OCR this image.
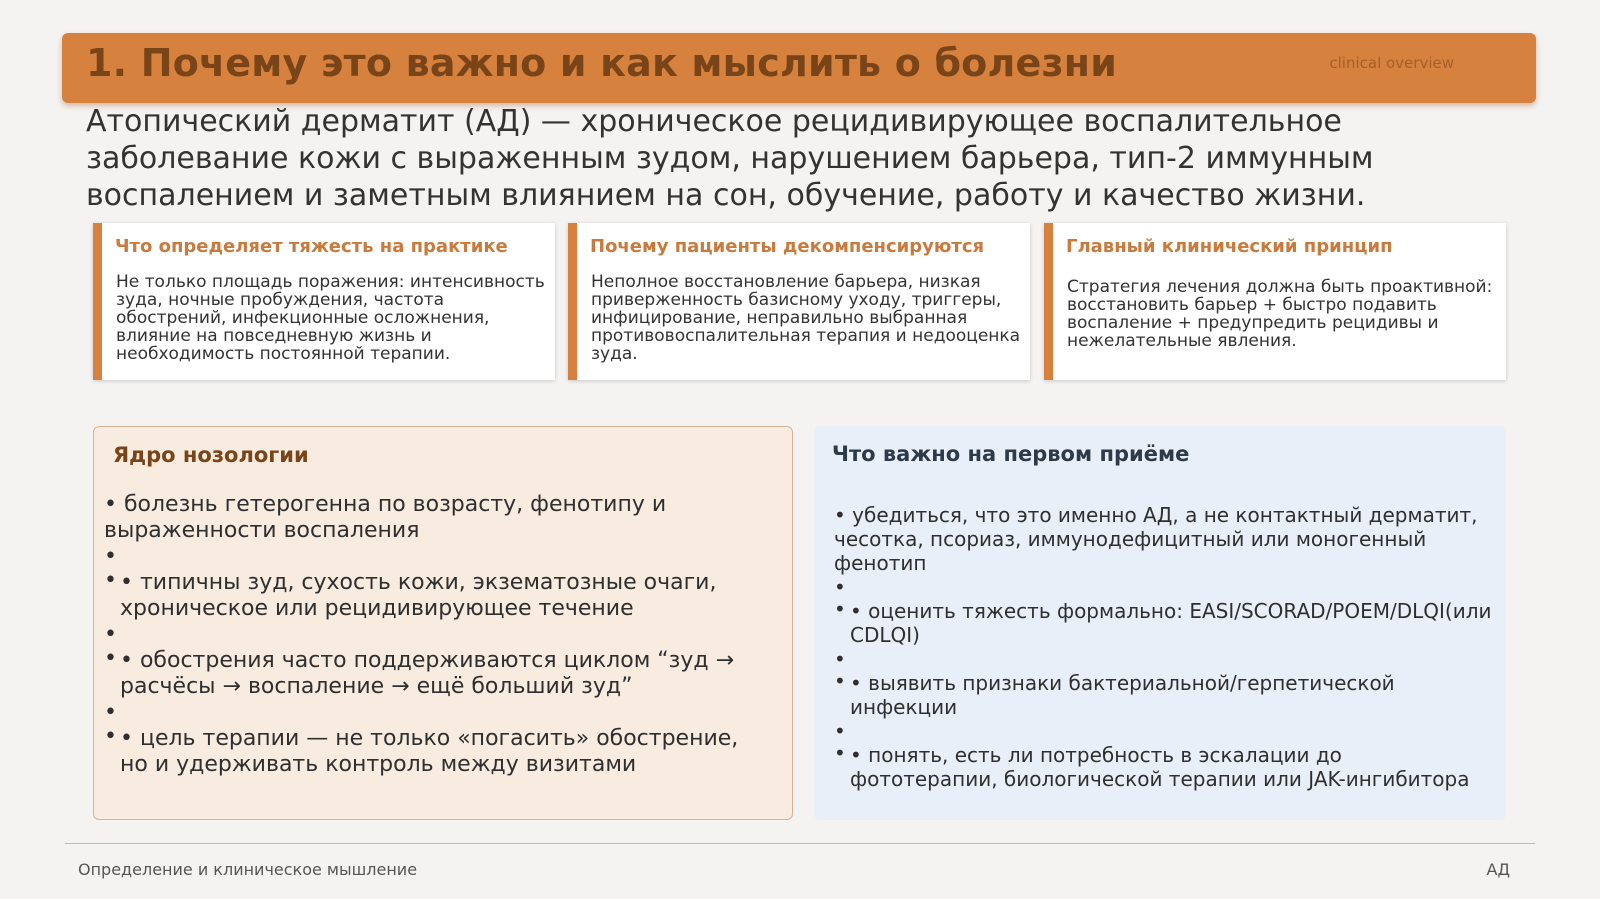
1. Почему это важно и как мыслить о болезни	clinical overview
Атопический дерматит (АД) — хроническое рецидивирующее воспалительное заболевание кожи с выраженным зудом, нарушением барьера, тип-2 иммунным воспалением и заметным влиянием на сон, обучение, работу и качество жизни.
Что определяет тяжесть на практике
Не только площадь поражения: интенсивность зуда, ночные пробуждения, частота обострений, инфекционные осложнения, влияние на повседневную жизнь и необходимость постоянной терапии.
Почему пациенты декомпенсируются
Неполное восстановление барьера, низкая приверженность базисному уходу, триггеры, инфицирование, неправильно выбранная противовоспалительная терапия и недооценка зуда.
Главный клинический принцип
Стратегия лечения должна быть проактивной: восстановить барьер + быстро подавить воспаление + предупредить рецидивы и нежелательные явления.
Ядро нозологии
• болезнь гетерогенна по возрасту, фенотипу и выраженности воспаления
•
• • типичны зуд, сухость кожи, экзематозные очаги, хроническое или рецидивирующее течение
•
• • обострения часто поддерживаются циклом “зуд → расчёсы → воспаление → ещё больший зуд”
•
• • цель терапии — не только «погасить» обострение, но и удерживать контроль между визитами
Что важно на первом приёме
• убедиться, что это именно АД, а не контактный дерматит, чесотка, псориаз, иммунодефицитный или моногенный фенотип
•
• • оценить тяжесть формально: EASI/SCORAD/POEM/DLQI(или CDLQI)
•
• • выявить признаки бактериальной/герпетической инфекции
•
• • понять, есть ли потребность в эскалации до фототерапии, биологической терапии или JAK-ингибитора
Определение и клиническое мышление	АД
